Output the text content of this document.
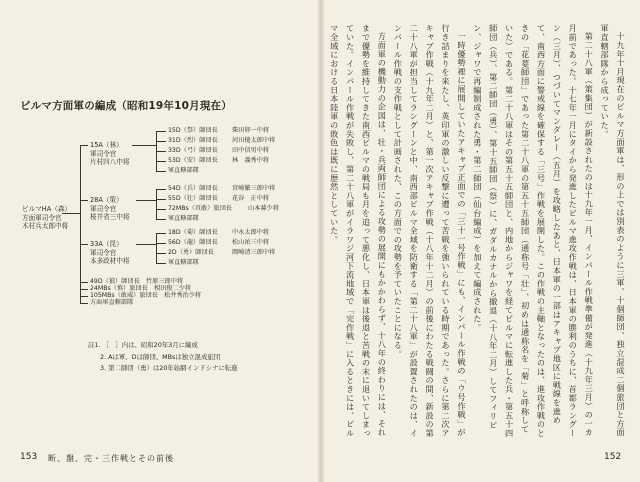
ビルマ方面軍の編成（昭和19年10月現在）
ビルマHA（森）
方面軍司令官
木村兵太郎中将
15A（林）
軍司令官
片村四八中将
15D（祭）師団長 柴田卯一中将
31D（烈）師団長 河田槌太郎中将
33D（弓）師団長 田中信男中将
53D（安）師団長 林　義秀中将
軍直轄部隊
28A（策）
軍司令官
桜井省三中将
54D（兵）師団長 宮崎繁三郎中将
55D（壮）師団長 花谷　正中将
72MBs（頁敢）旅団長	山本募少将
軍直轄部隊
33A（昆）
軍司令官
本多政材中将
18D（菊）師団長 中永太郎中将
56D（龍）師団長 松山祐三中将
2D（勇）師団長	岡崎清三郎中将
軍直轄部隊
49D（狼）師団長　竹原三郎中将
24MBs（慎）旅団長　相田俊二少将
105MBs（敢威）旅団長　松井秀治少将
方面軍直轄部隊
註1. ［　］内は、昭和20年3月に編成
2. Aは軍、Dは師団、MBsは独立混成旅団
3. 第二師団（勇）は20年始網インドシナに転進
153 断、盤、完・三作戦とその前後

十九年十月現在のビルマ方面軍は、形の上では別表のように三軍、十個師団、独立混成二個旅団と方面軍直轄部隊から成っていた。

第二十八軍（策集団）が新設されたのは十九年一月、インパール作戦準備が発進（十九年三月）の一カ月前であった。十七年一月にタイから発進したビルマ進攻作戦は、日本軍の勝利のうちに、首都ラングーン（三月）、つづいてマンダレー（五月）を攻略したあと、日本軍の一部はアキャブ地区に戦線を進めて、南西方面に警戒線を確保する「三号」作戦を展開した。この作戦の主軸となったのは、進攻作戦のときの「花菱師団」であった第二十八軍の第五十五師団（通称号「壮」、初めは通称名を「菊」と呼称していた）である。第二十八軍はその第五十五師団と、内地からジャワを経てビルマに転進した兵・第五十四師団（兵）、第二師団（勇）、第十五師団（祭）に、ガダルカナルから撤退（十八年二月）してフィリピン、ジャワで再編制成された勇・第二師団（仙台編成）を加えて編成された。

一時優勢裡に展開していたアキャブ正面での「三十一号作戦」にも、インパール作戦の「ウ号作戦」が行き詰まりを来たし、英印軍の激しい反撃に遭って苦戦を強いられている時期であった。さらに第二次アキャブ作戦（十九年二月）と、第一次アキャブ作戦（十八年十二月）の前後にわたる戦闘の間、新設の第二十八軍が担当してラングーンと中、南西部ビルマ全域を防衛する「第二十八軍」が設置されたのは、インパール作戦の支作戦として計画された、この方面での攻勢を予ていたことになる。

方面軍の機動力の企図は、壮・兵両師団による攻勢の展開にもかかわらず、十八年の終わりには、それまで優勢を維持してきた南西ビルマの戦局も月を追って悪化し、日本軍は後退と苦戦の末に退いてしまっていた。インパール作戦が失敗し、第二十八軍がイラワジ河下流地域で「完作戦」に入るときには、ビルマ全域における日本陸軍の敗色は既に歴然としていた。

152
